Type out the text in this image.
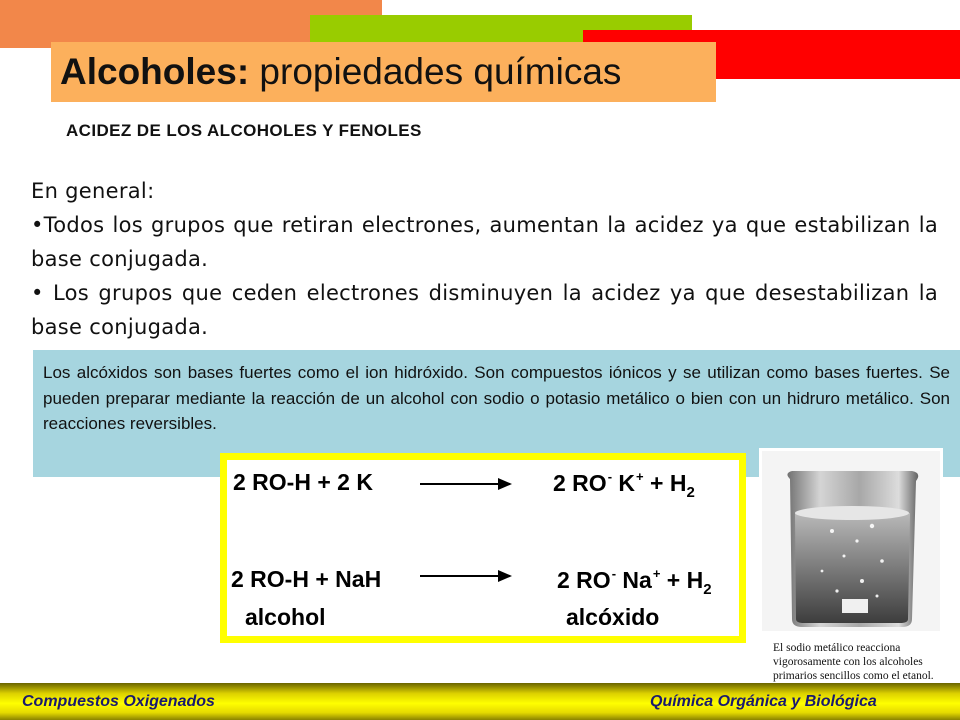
Alcoholes: propiedades químicas
ACIDEZ DE LOS ALCOHOLES Y FENOLES
En general:
•Todos los grupos que retiran electrones, aumentan la acidez ya que estabilizan la base conjugada.
• Los grupos que ceden electrones disminuyen la acidez ya que desestabilizan la base conjugada.
Los alcóxidos son bases fuertes como el ion hidróxido. Son compuestos iónicos y se utilizan como bases fuertes. Se pueden preparar mediante la reacción de un alcohol con sodio o potasio metálico o bien con un hidruro metálico. Son reacciones reversibles.
2 RO-H + 2 K	2 RO- $K^+ + H_2$
2 RO-H + NaH	2 RO- $Na^+ + H_2$
alcohol	alcóxido
El sodio metálico reacciona vigorosamente con los alcoholes primarios sencillos como el etanol.
Compuestos Oxigenados	Química Orgánica y Biológica
